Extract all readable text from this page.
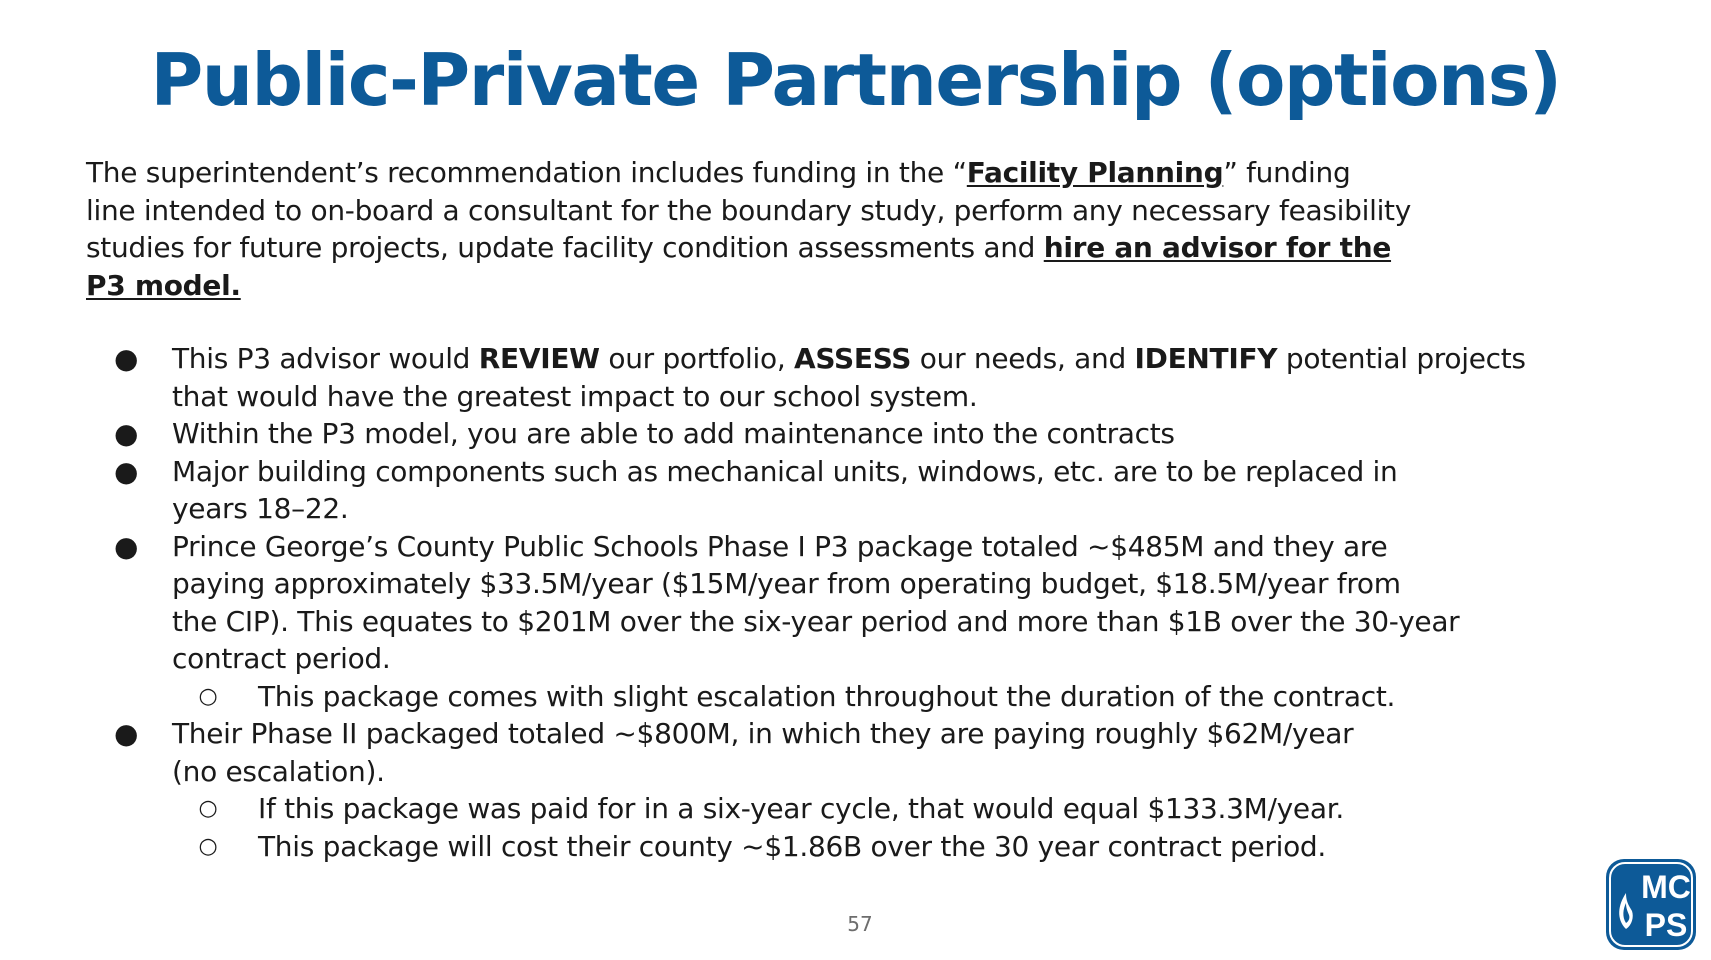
Public-Private Partnership (options)

The superintendent’s recommendation includes funding in the “Facility Planning” funding
line intended to on-board a consultant for the boundary study, perform any necessary feasibility
studies for future projects, update facility condition assessments and hire an advisor for the
P3 model.

● This P3 advisor would REVIEW our portfolio, ASSESS our needs, and IDENTIFY potential projects
that would have the greatest impact to our school system.
● Within the P3 model, you are able to add maintenance into the contracts
● Major building components such as mechanical units, windows, etc. are to be replaced in
years 18–22.
● Prince George’s County Public Schools Phase I P3 package totaled ~$485M and they are
paying approximately $33.5M/year ($15M/year from operating budget, $18.5M/year from
the CIP). This equates to $201M over the six-year period and more than $1B over the 30-year
contract period.
○ This package comes with slight escalation throughout the duration of the contract.
● Their Phase II packaged totaled ~$800M, in which they are paying roughly $62M/year
(no escalation).
○ If this package was paid for in a six-year cycle, that would equal $133.3M/year.
○ This package will cost their county ~$1.86B over the 30 year contract period.
57
MC
PS
